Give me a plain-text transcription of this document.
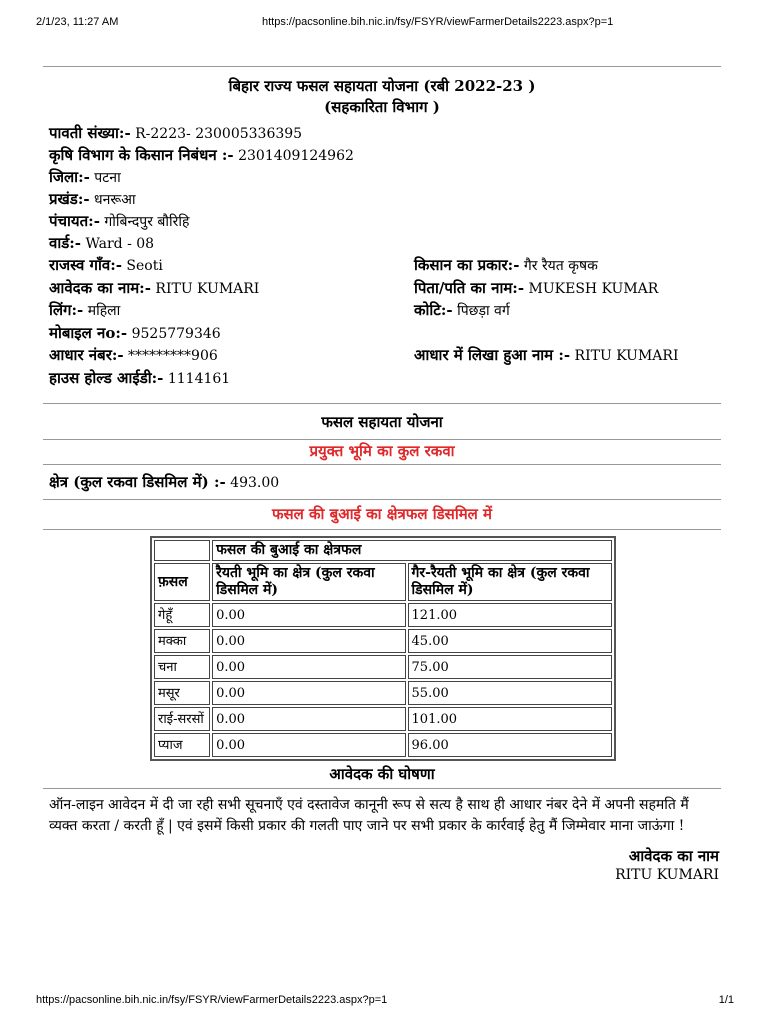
2/1/23, 11:27 AM	https://pacsonline.bih.nic.in/fsy/FSYR/viewFarmerDetails2223.aspx?p=1
बिहार राज्य फसल सहायता योजना (रबी 2022-23 )
(सहकारिता विभाग )
पावती संख्या:- R-2223- 230005336395
कृषि विभाग के किसान निबंधन :- 2301409124962
जिला:- पटना
प्रखंड:- धनरूआ
पंचायत:- गोबिन्दपुर बौरिहि
वार्ड:- Ward - 08
राजस्व गाँव:- Seoti	किसान का प्रकार:- गैर रैयत कृषक
आवेदक का नाम:- RITU KUMARI	पिता/पति का नाम:- MUKESH KUMAR
लिंग:- महिला	कोटि:- पिछड़ा वर्ग
मोबाइल नo:- 9525779346
आधार नंबर:- *********906	आधार में लिखा हुआ नाम :- RITU KUMARI
हाउस होल्ड आईडी:- 1114161
फसल सहायता योजना
प्रयुक्त भूमि का कुल रकवा
क्षेत्र (कुल रकवा डिसमिल में) :- 493.00
फसल की बुआई का क्षेत्रफल डिसमिल में
	फसल की बुआई का क्षेत्रफल	
फ़सल	रैयती भूमि का क्षेत्र (कुल रकवा डिसमिल में)	गैर-रैयती भूमि का क्षेत्र (कुल रकवा डिसमिल में)
गेहूँ	0.00	121.00
मक्का	0.00	45.00
चना	0.00	75.00
मसूर	0.00	55.00
राई-सरसों	0.00	101.00
प्याज	0.00	96.00
आवेदक की घोषणा
ऑन-लाइन आवेदन में दी जा रही सभी सूचनाएँ एवं दस्तावेज कानूनी रूप से सत्य है साथ ही आधार नंबर देने में अपनी सहमति मैं व्यक्त करता / करती हूँ | एवं इसमें किसी प्रकार की गलती पाए जाने पर सभी प्रकार के कार्रवाई हेतु मैं जिम्मेवार माना जाऊंगा !
आवेदक का नाम
RITU KUMARI
https://pacsonline.bih.nic.in/fsy/FSYR/viewFarmerDetails2223.aspx?p=1	1/1
